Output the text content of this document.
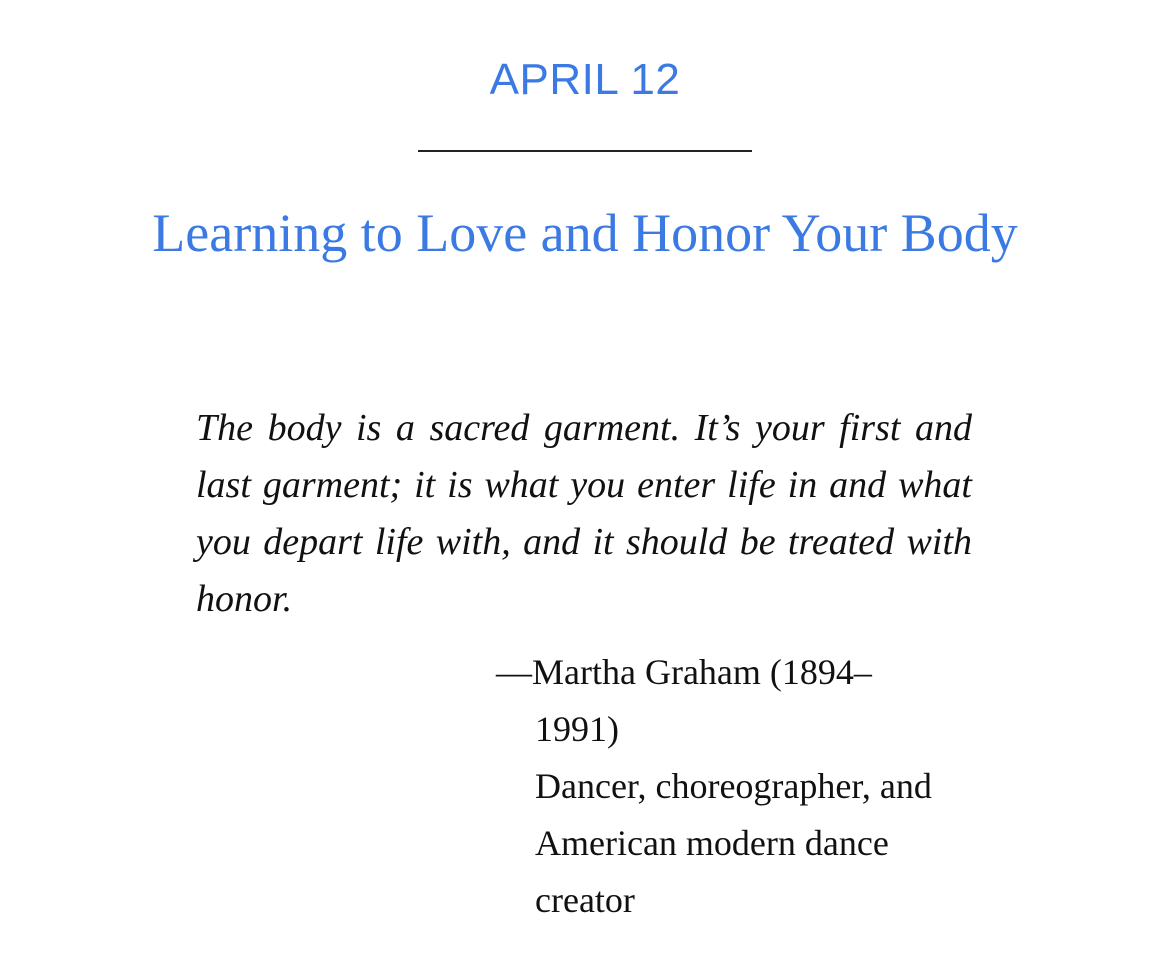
APRIL 12
Learning to Love and Honor Your Body
The body is a sacred garment. It’s your first and last garment; it is what you enter life in and what you depart life with, and it should be treated with honor.
—Martha Graham (1894–
1991)
Dancer, choreographer, and
American modern dance
creator
